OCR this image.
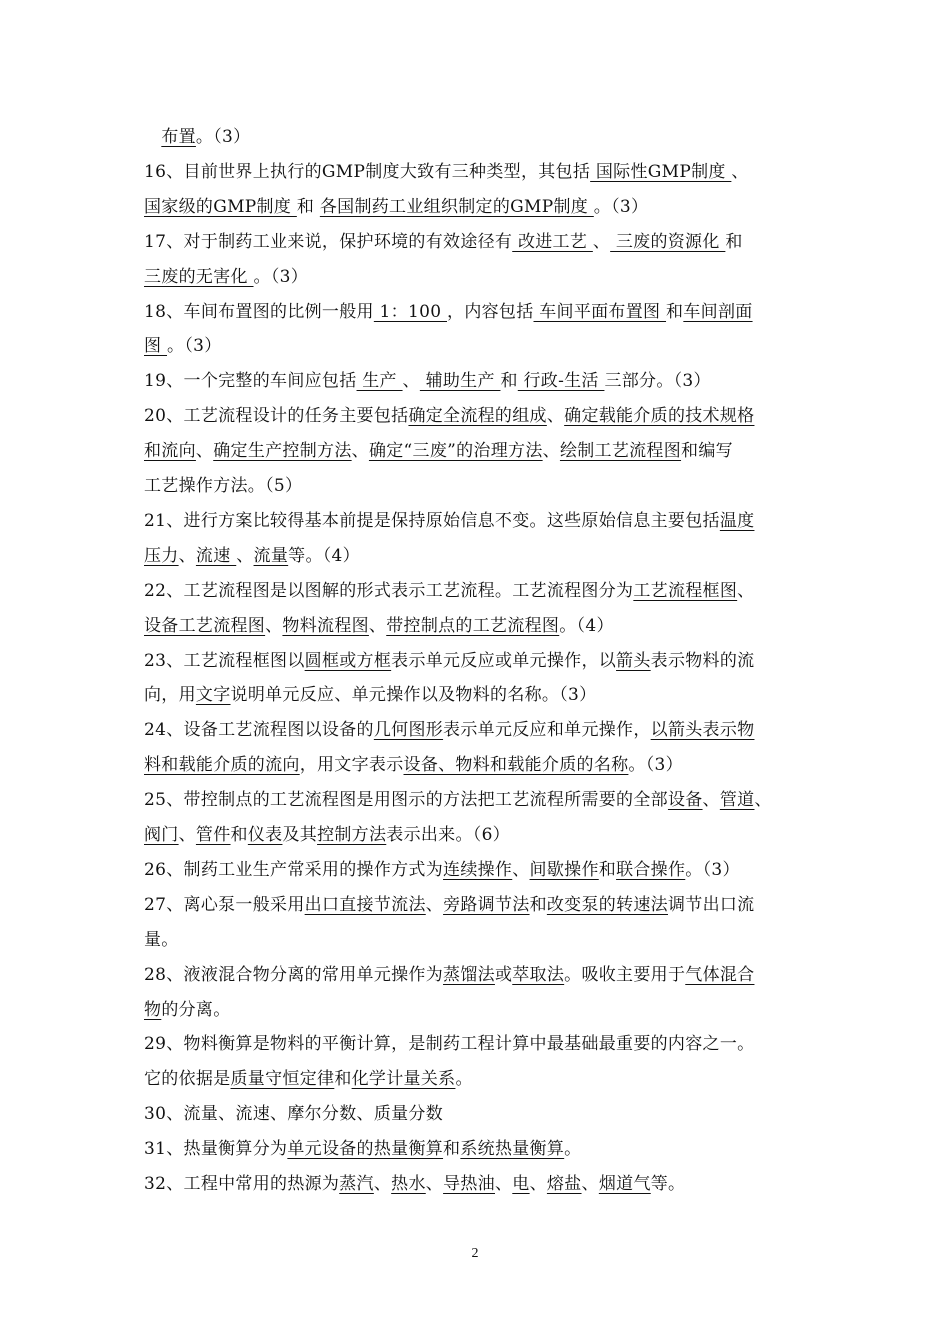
　布置。（3）
16、目前世界上执行的GMP制度大致有三种类型，其包括 国际性GMP制度 、
国家级的GMP制度 和 各国制药工业组织制定的GMP制度 。（3）
17、对于制药工业来说，保护环境的有效途径有 改进工艺 、 三废的资源化 和
三废的无害化 。（3）
18、车间布置图的比例一般用 1：100 ，内容包括 车间平面布置图 和车间剖面
图 。（3）
19、一个完整的车间应包括 生产 、 辅助生产 和 行政-生活 三部分。（3）
20、工艺流程设计的任务主要包括确定全流程的组成、确定载能介质的技术规格
和流向、确定生产控制方法、确定“三废”的治理方法、绘制工艺流程图和编写
工艺操作方法。（5）
21、进行方案比较得基本前提是保持原始信息不变。这些原始信息主要包括温度
压力、流速 、流量等。（4）
22、工艺流程图是以图解的形式表示工艺流程。工艺流程图分为工艺流程框图、
设备工艺流程图、物料流程图、带控制点的工艺流程图。（4）
23、工艺流程框图以圆框或方框表示单元反应或单元操作，以箭头表示物料的流
向，用文字说明单元反应、单元操作以及物料的名称。（3）
24、设备工艺流程图以设备的几何图形表示单元反应和单元操作，以箭头表示物
料和载能介质的流向，用文字表示设备、物料和载能介质的名称。（3）
25、带控制点的工艺流程图是用图示的方法把工艺流程所需要的全部设备、管道、
阀门、管件和仪表及其控制方法表示出来。（6）
26、制药工业生产常采用的操作方式为连续操作、间歇操作和联合操作。（3）
27、离心泵一般采用出口直接节流法、旁路调节法和改变泵的转速法调节出口流
量。
28、液液混合物分离的常用单元操作为蒸馏法或萃取法。吸收主要用于气体混合
物的分离。
29、物料衡算是物料的平衡计算，是制药工程计算中最基础最重要的内容之一。
它的依据是质量守恒定律和化学计量关系。
30、流量、流速、摩尔分数、质量分数
31、热量衡算分为单元设备的热量衡算和系统热量衡算。
32、工程中常用的热源为蒸汽、热水、导热油、电、熔盐、烟道气等。
2
